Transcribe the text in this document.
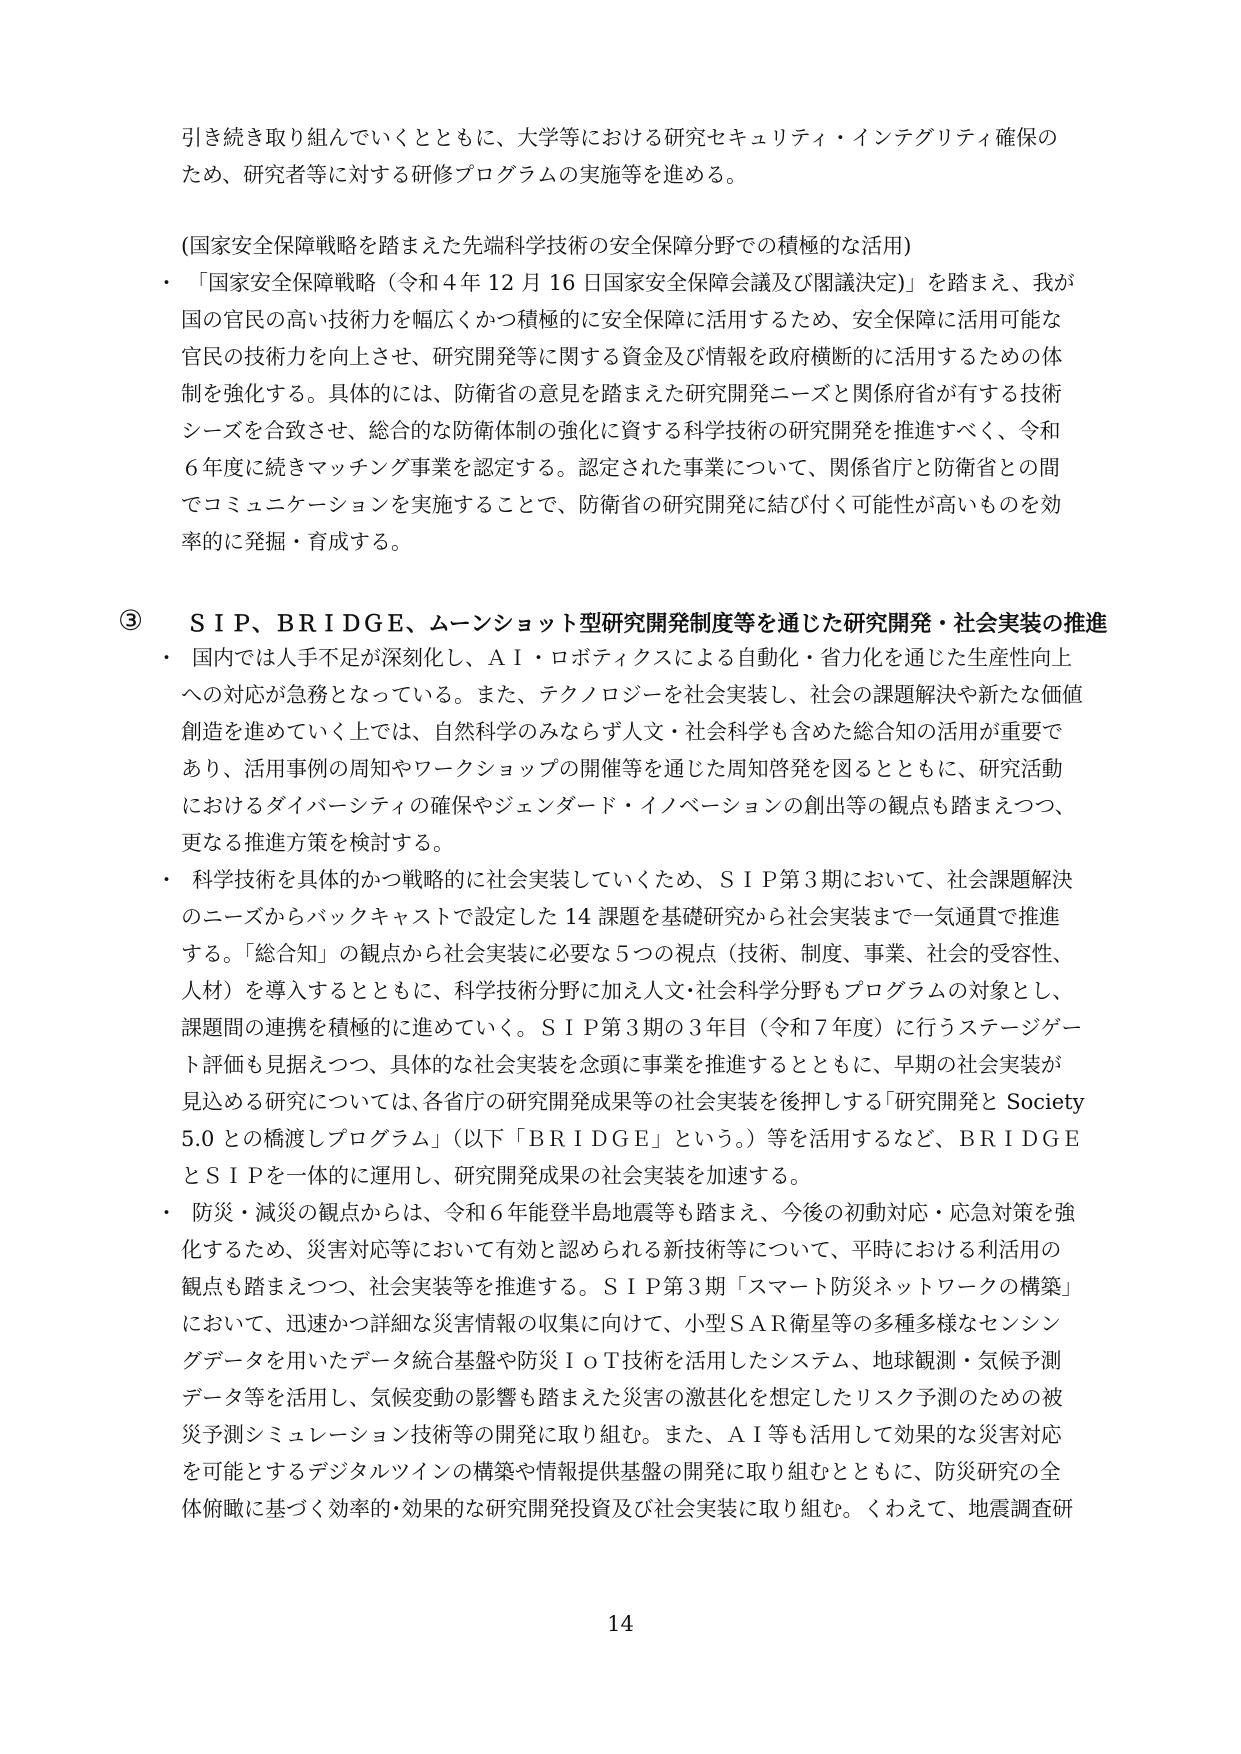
引き続き取り組んでいくとともに、大学等における研究セキュリティ・インテグリティ確保の
ため、研究者等に対する研修プログラムの実施等を進める。
(国家安全保障戦略を踏まえた先端科学技術の安全保障分野での積極的な活用)
・ 「国家安全保障戦略（令和４年 12 月 16 日国家安全保障会議及び閣議決定)」を踏まえ、我が
国の官民の高い技術力を幅広くかつ積極的に安全保障に活用するため、安全保障に活用可能な
官民の技術力を向上させ、研究開発等に関する資金及び情報を政府横断的に活用するための体
制を強化する。具体的には、防衛省の意見を踏まえた研究開発ニーズと関係府省が有する技術
シーズを合致させ、総合的な防衛体制の強化に資する科学技術の研究開発を推進すべく、令和
６年度に続きマッチング事業を認定する。認定された事業について、関係省庁と防衛省との間
でコミュニケーションを実施することで、防衛省の研究開発に結び付く可能性が高いものを効
率的に発掘・育成する。
③ ＳＩＰ、ＢＲＩＤＧＥ、ムーンショット型研究開発制度等を通じた研究開発・社会実装の推進
・ 国内では人手不足が深刻化し、ＡＩ・ロボティクスによる自動化・省力化を通じた生産性向上
への対応が急務となっている。また、テクノロジーを社会実装し、社会の課題解決や新たな価値
創造を進めていく上では、自然科学のみならず人文・社会科学も含めた総合知の活用が重要で
あり、活用事例の周知やワークショップの開催等を通じた周知啓発を図るとともに、研究活動
におけるダイバーシティの確保やジェンダード・イノベーションの創出等の観点も踏まえつつ、
更なる推進方策を検討する。
・ 科学技術を具体的かつ戦略的に社会実装していくため、ＳＩＰ第３期において、社会課題解決
のニーズからバックキャストで設定した 14 課題を基礎研究から社会実装まで一気通貫で推進
する。「総合知」の観点から社会実装に必要な５つの視点（技術、制度、事業、社会的受容性、
人材）を導入するとともに、科学技術分野に加え人文･社会科学分野もプログラムの対象とし、
課題間の連携を積極的に進めていく。ＳＩＰ第３期の３年目（令和７年度）に行うステージゲー
ト評価も見据えつつ、具体的な社会実装を念頭に事業を推進するとともに、早期の社会実装が
見込める研究については､各省庁の研究開発成果等の社会実装を後押しする｢研究開発と Society
5.0 との橋渡しプログラム」（以下「ＢＲＩＤＧＥ」という。）等を活用するなど、ＢＲＩＤＧＥ
とＳＩＰを一体的に運用し、研究開発成果の社会実装を加速する。
・ 防災・減災の観点からは、令和６年能登半島地震等も踏まえ、今後の初動対応・応急対策を強
化するため、災害対応等において有効と認められる新技術等について、平時における利活用の
観点も踏まえつつ、社会実装等を推進する。ＳＩＰ第３期「スマート防災ネットワークの構築」
において、迅速かつ詳細な災害情報の収集に向けて、小型ＳＡＲ衛星等の多種多様なセンシン
グデータを用いたデータ統合基盤や防災ＩｏＴ技術を活用したシステム、地球観測・気候予測
データ等を活用し、気候変動の影響も踏まえた災害の激甚化を想定したリスク予測のための被
災予測シミュレーション技術等の開発に取り組む。また、ＡＩ等も活用して効果的な災害対応
を可能とするデジタルツインの構築や情報提供基盤の開発に取り組むとともに、防災研究の全
体俯瞰に基づく効率的･効果的な研究開発投資及び社会実装に取り組む。くわえて、地震調査研
14
